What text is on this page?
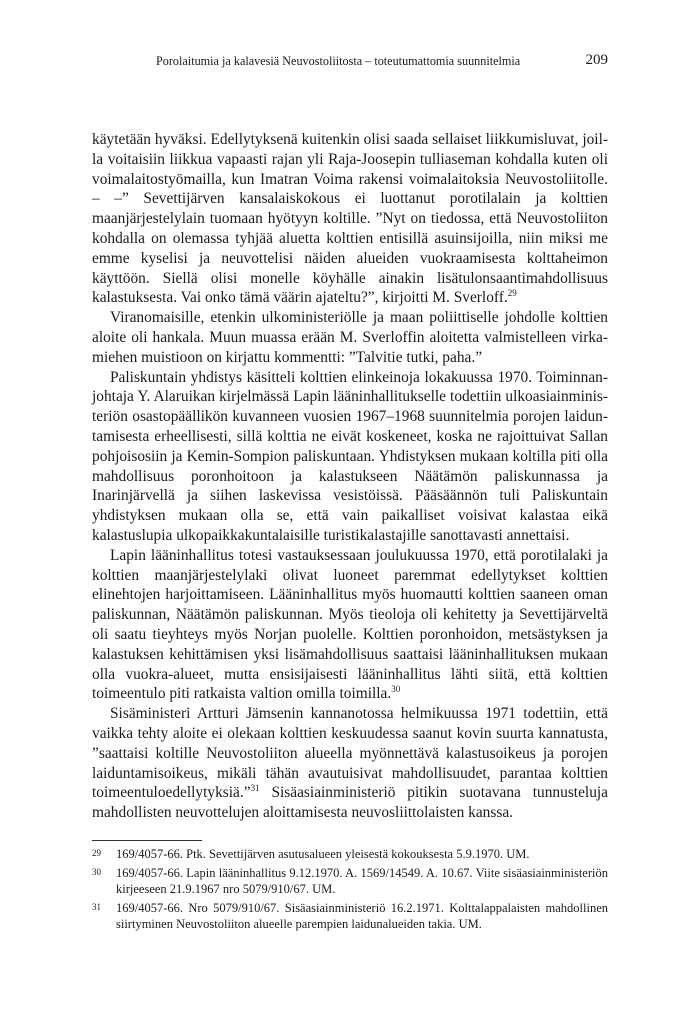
Porolaitumia ja kalavesiä Neuvostoliitosta – toteutumattomia suunnitelmia	209

käytetään hyväksi. Edellytyksenä kuitenkin olisi saada sellaiset liikkumisluvat, joilla voitaisiin liikkua vapaasti rajan yli Raja-Joosepin tulliaseman kohdalla kuten oli voimalaitostyömailla, kun Imatran Voima rakensi voimalaitoksia Neuvostoliitolle. – –” Sevettijärven kansalaiskokous ei luottanut porotilalain ja kolttien maanjärjestelylain tuomaan hyötyyn koltille. ”Nyt on tiedossa, että Neuvostoliiton kohdalla on olemassa tyhjää aluetta kolttien entisillä asuinsijoilla, niin miksi me emme kyselisi ja neuvottelisi näiden alueiden vuokraamisesta kolttaheimon käyttöön. Siellä olisi monelle köyhälle ainakin lisätulonsaantimahdollisuus kalastuksesta. Vai onko tämä väärin ajateltu?”, kirjoitti M. Sverloff.$^{29}$

Viranomaisille, etenkin ulkoministeriölle ja maan poliittiselle johdolle kolttien aloite oli hankala. Muun muassa erään M. Sverloffin aloitetta valmistelleen virkamiehen muistioon on kirjattu kommentti: ”Talvitie tutki, paha.”

Paliskuntain yhdistys käsitteli kolttien elinkeinoja lokakuussa 1970. Toiminnanjohtaja Y. Alaruikan kirjelmässä Lapin lääninhallitukselle todettiin ulkoasiainministeriön osastopäällikön kuvanneen vuosien 1967–1968 suunnitelmia porojen laiduntamisesta erheellisesti, sillä kolttia ne eivät koskeneet, koska ne rajoittuivat Sallan pohjoisosiin ja Kemin-Sompion paliskuntaan. Yhdistyksen mukaan koltilla piti olla mahdollisuus poronhoitoon ja kalastukseen Näätämön paliskunnassa ja Inarinjärvellä ja siihen laskevissa vesistöissä. Pääsäännön tuli Paliskuntain yhdistyksen mukaan olla se, että vain paikalliset voisivat kalastaa eikä kalastuslupia ulkopaikkakuntalaisille turistikalastajille sanottavasti annettaisi.

Lapin lääninhallitus totesi vastauksessaan joulukuussa 1970, että porotilalaki ja kolttien maanjärjestelylaki olivat luoneet paremmat edellytykset kolttien elinehtojen harjoittamiseen. Lääninhallitus myös huomautti kolttien saaneen oman paliskunnan, Näätämön paliskunnan. Myös tieoloja oli kehitetty ja Sevettijärveltä oli saatu tieyhteys myös Norjan puolelle. Kolttien poronhoidon, metsästyksen ja kalastuksen kehittämisen yksi lisämahdollisuus saattaisi lääninhallituksen mukaan olla vuokra-alueet, mutta ensisijaisesti lääninhallitus lähti siitä, että kolttien toimeentulo piti ratkaista valtion omilla toimilla.$^{30}$

Sisäministeri Artturi Jämsenin kannanotossa helmikuussa 1971 todettiin, että vaikka tehty aloite ei olekaan kolttien keskuudessa saanut kovin suurta kannatusta, ”saattaisi koltille Neuvostoliiton alueella myönnettävä kalastusoikeus ja porojen laiduntamisoikeus, mikäli tähän avautuisivat mahdollisuudet, parantaa kolttien toimeentuloedellytyksiä.”$^{31}$ Sisäasiainministeriö pitikin suotavana tunnusteluja mahdollisten neuvottelujen aloittamisesta neuvosliittolaisten kanssa.

29 169/4057-66. Ptk. Sevettijärven asutusalueen yleisestä kokouksesta 5.9.1970. UM.
30 169/4057-66. Lapin lääninhallitus 9.12.1970. A. 1569/14549. A. 10.67. Viite sisäasiainministeriön kirjeeseen 21.9.1967 nro 5079/910/67. UM.
31 169/4057-66. Nro 5079/910/67. Sisäasiainministeriö 16.2.1971. Kolttalappalaisten mahdollinen siirtyminen Neuvostoliiton alueelle parempien laidunalueiden takia. UM.
